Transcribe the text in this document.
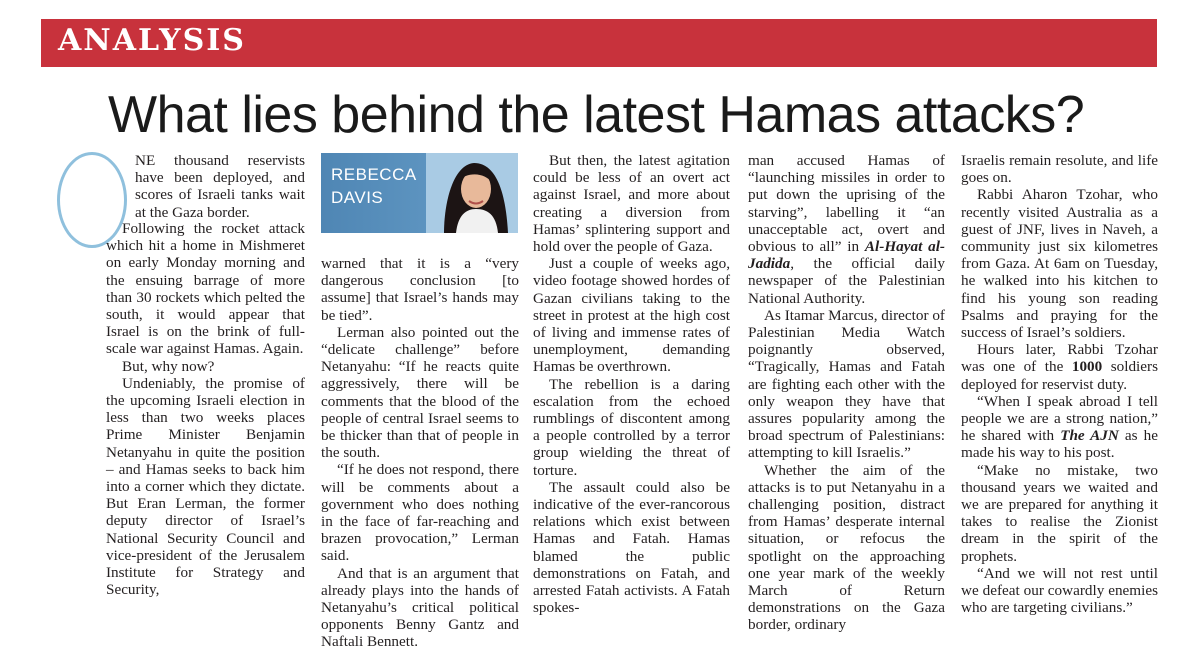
ANALYSIS
What lies behind the latest Hamas attacks?

NE thousand reservists have been deployed, and scores of Israeli tanks wait at the Gaza border.

Following the rocket attack which hit a home in Mishmeret on early Monday morning and the ensuing barrage of more than 30 rockets which pelted the south, it would appear that Israel is on the brink of full-scale war against Hamas. Again.

But, why now?

Undeniably, the promise of the upcoming Israeli election in less than two weeks places Prime Minister Benjamin Netanyahu in quite the position – and Hamas seeks to back him into a corner which they dictate. But Eran Lerman, the former deputy director of Israel’s National Security Council and vice-president of the Jerusalem Institute for Strategy and Security,

REBECCA
DAVIS

warned that it is a “very dangerous conclusion [to assume] that Israel’s hands may be tied”.

Lerman also pointed out the “delicate challenge” before Netanyahu: “If he reacts quite aggressively, there will be comments that the blood of the people of central Israel seems to be thicker than that of people in the south.

“If he does not respond, there will be comments about a government who does nothing in the face of far-reaching and brazen provocation,” Lerman said.

And that is an argument that already plays into the hands of Netanyahu’s critical political opponents Benny Gantz and Naftali Bennett.

But then, the latest agitation could be less of an overt act against Israel, and more about creating a diversion from Hamas’ splintering support and hold over the people of Gaza.

Just a couple of weeks ago, video footage showed hordes of Gazan civilians taking to the street in protest at the high cost of living and immense rates of unemployment, demanding Hamas be overthrown.

The rebellion is a daring escalation from the echoed rumblings of discontent among a people controlled by a terror group wielding the threat of torture.

The assault could also be indicative of the ever-rancorous relations which exist between Hamas and Fatah. Hamas blamed the public demonstrations on Fatah, and arrested Fatah activists. A Fatah spokes-

man accused Hamas of “launching missiles in order to put down the uprising of the starving”, labelling it “an unacceptable act, overt and obvious to all” in Al-Hayat al-Jadida, the official daily newspaper of the Palestinian National Authority.

As Itamar Marcus, director of Palestinian Media Watch poignantly observed, “Tragically, Hamas and Fatah are fighting each other with the only weapon they have that assures popularity among the broad spectrum of Palestinians: attempting to kill Israelis.”

Whether the aim of the attacks is to put Netanyahu in a challenging position, distract from Hamas’ desperate internal situation, or refocus the spotlight on the approaching one year mark of the weekly March of Return demonstrations on the Gaza border, ordinary

Israelis remain resolute, and life goes on.

Rabbi Aharon Tzohar, who recently visited Australia as a guest of JNF, lives in Naveh, a community just six kilometres from Gaza. At 6am on Tuesday, he walked into his kitchen to find his young son reading Psalms and praying for the success of Israel’s soldiers.

Hours later, Rabbi Tzohar was one of the 1000 soldiers deployed for reservist duty.

“When I speak abroad I tell people we are a strong nation,” he shared with The AJN as he made his way to his post.

“Make no mistake, two thousand years we waited and we are prepared for anything it takes to realise the Zionist dream in the spirit of the prophets.

“And we will not rest until we defeat our cowardly enemies who are targeting civilians.”
